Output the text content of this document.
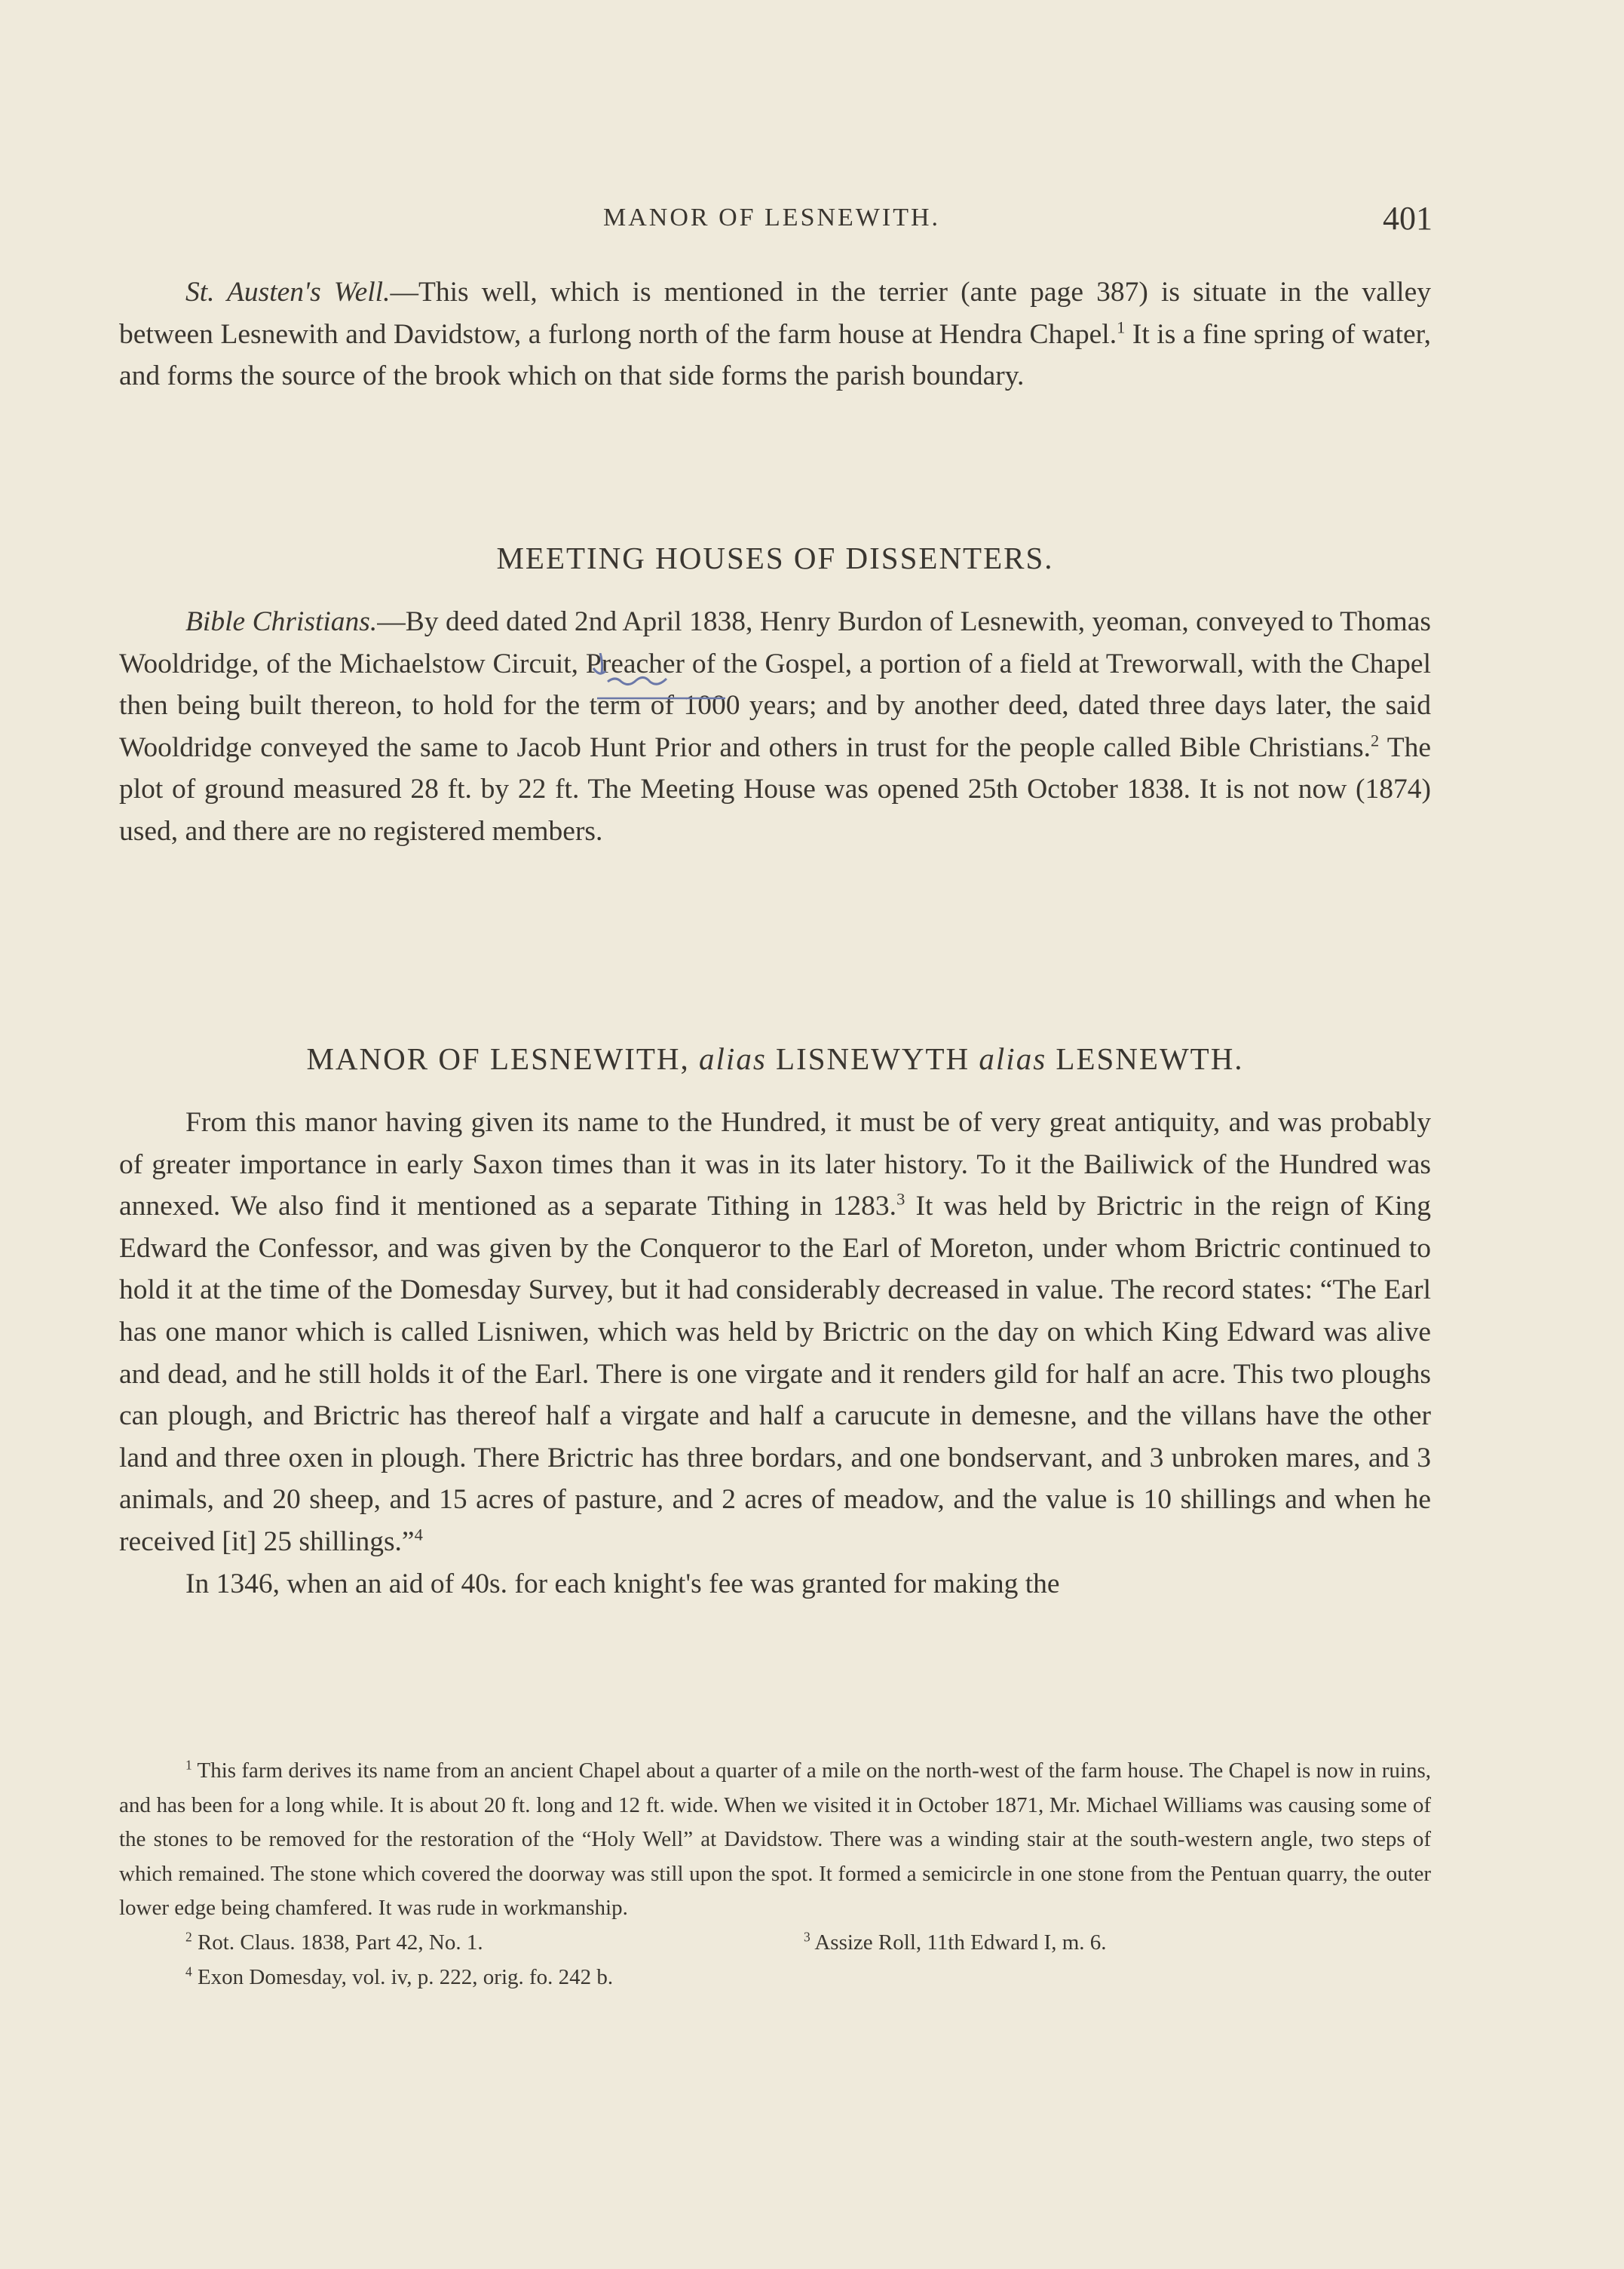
MANOR OF LESNEWITH.	401

St. Austen's Well.—This well, which is mentioned in the terrier (ante page 387) is situate in the valley between Lesnewith and Davidstow, a furlong north of the farm house at Hendra Chapel.$^1$ It is a fine spring of water, and forms the source of the brook which on that side forms the parish boundary.

MEETING HOUSES OF DISSENTERS.

Bible Christians.—By deed dated 2nd April 1838, Henry Burdon of Lesnewith, yeoman, conveyed to Thomas Wooldridge, of the Michaelstow Circuit, Preacher of the Gospel, a portion of a field at Treworwall, with the Chapel then being built thereon, to hold for the term of 1000 years; and by another deed, dated three days later, the said Wooldridge conveyed the same to Jacob Hunt Prior and others in trust for the people called Bible Christians.$^2$ The plot of ground measured 28 ft. by 22 ft. The Meeting House was opened 25th October 1838. It is not now (1874) used, and there are no registered members.

MANOR OF LESNEWITH, alias LISNEWYTH alias LESNEWTH.

From this manor having given its name to the Hundred, it must be of very great antiquity, and was probably of greater importance in early Saxon times than it was in its later history. To it the Bailiwick of the Hundred was annexed. We also find it mentioned as a separate Tithing in 1283.$^3$ It was held by Brictric in the reign of King Edward the Confessor, and was given by the Conqueror to the Earl of Moreton, under whom Brictric continued to hold it at the time of the Domesday Survey, but it had considerably decreased in value. The record states: “The Earl has one manor which is called Lisniwen, which was held by Brictric on the day on which King Edward was alive and dead, and he still holds it of the Earl. There is one virgate and it renders gild for half an acre. This two ploughs can plough, and Brictric has thereof half a virgate and half a carucute in demesne, and the villans have the other land and three oxen in plough. There Brictric has three bordars, and one bondservant, and 3 unbroken mares, and 3 animals, and 20 sheep, and 15 acres of pasture, and 2 acres of meadow, and the value is 10 shillings and when he received [it] 25 shillings.”$^4$

In 1346, when an aid of 40s. for each knight's fee was granted for making the

$^1$ This farm derives its name from an ancient Chapel about a quarter of a mile on the north-west of the farm house. The Chapel is now in ruins, and has been for a long while. It is about 20 ft. long and 12 ft. wide. When we visited it in October 1871, Mr. Michael Williams was causing some of the stones to be removed for the restoration of the “Holy Well” at Davidstow. There was a winding stair at the south-western angle, two steps of which remained. The stone which covered the doorway was still upon the spot. It formed a semicircle in one stone from the Pentuan quarry, the outer lower edge being chamfered. It was rude in workmanship.

$^2$ Rot. Claus. 1838, Part 42, No. 1.	$^3$ Assize Roll, 11th Edward I, m. 6.
$^4$ Exon Domesday, vol. iv, p. 222, orig. fo. 242 b.
